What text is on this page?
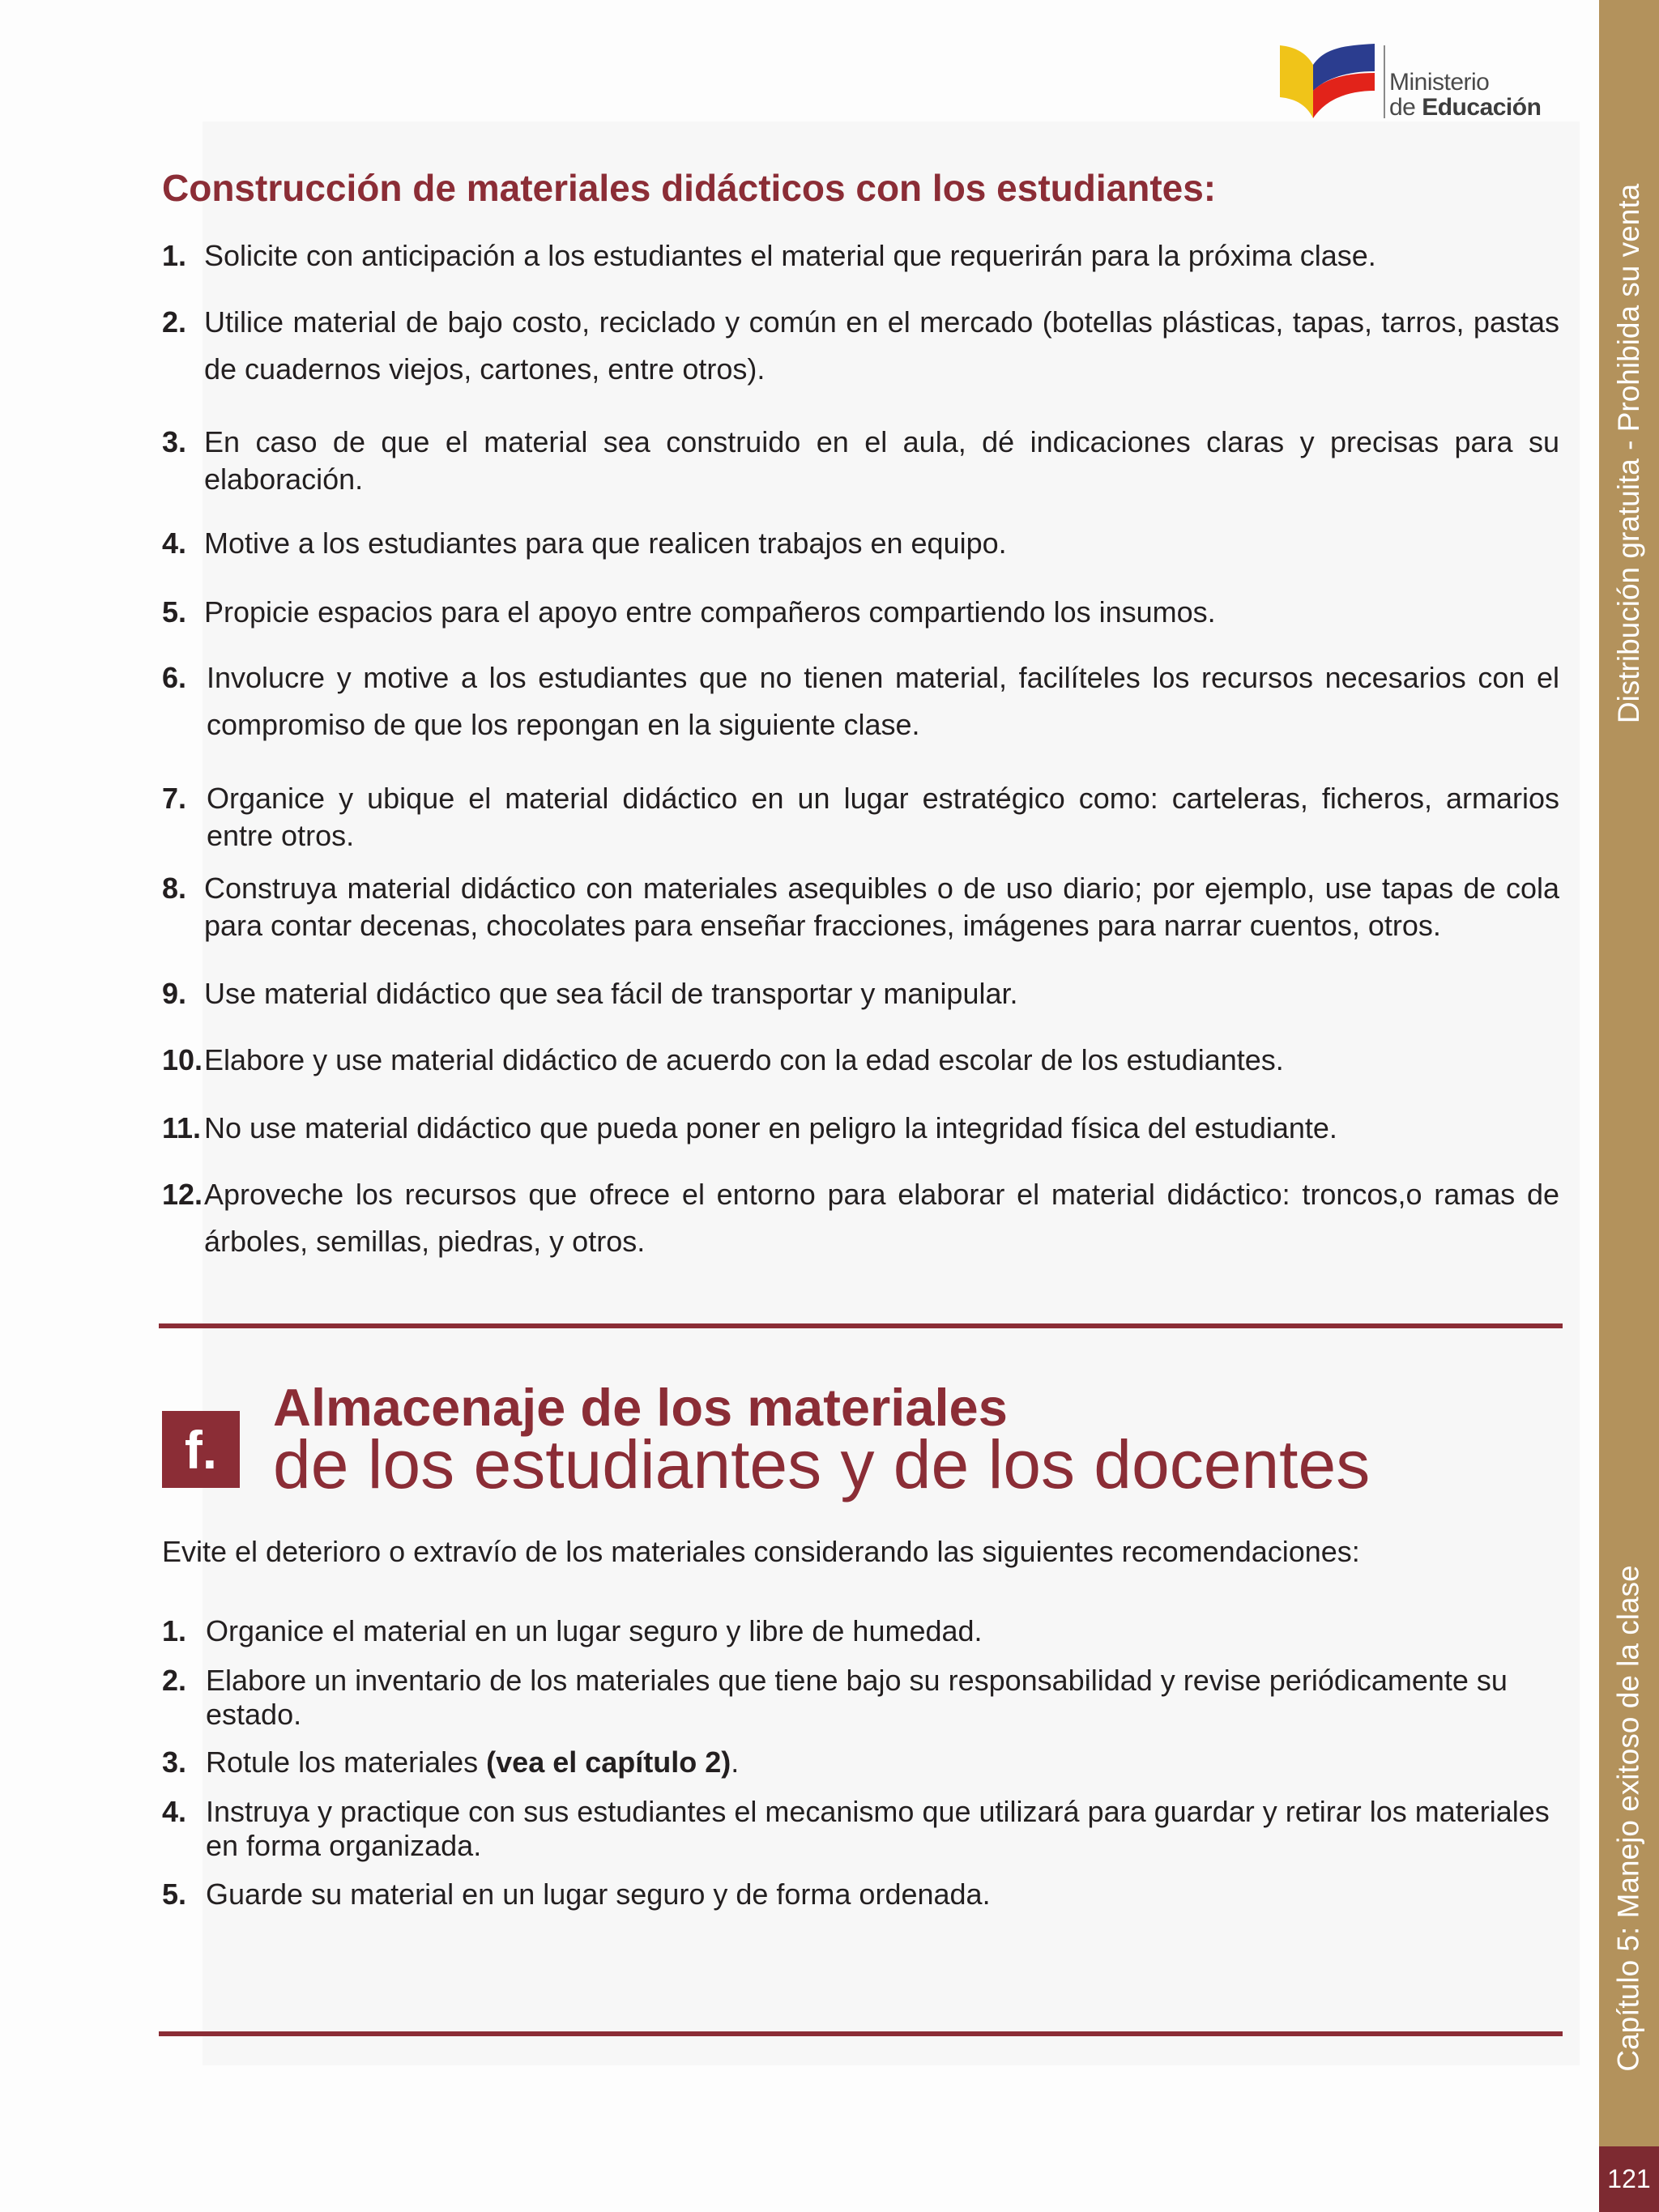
Ministerio
de Educación
Distribución gratuita - Prohibida su venta
Capítulo 5: Manejo exitoso de la clase
121
Construcción de materiales didácticos con los estudiantes:
1. Solicite con anticipación a los estudiantes el material que requerirán para la próxima clase.
2. Utilice material de bajo costo, reciclado y común en el mercado (botellas plásticas, tapas, tarros, pastas de cuadernos viejos, cartones, entre otros).
3. En caso de que el material sea construido en el aula, dé indicaciones claras y precisas para su elaboración.
4. Motive a los estudiantes para que realicen trabajos en equipo.
5. Propicie espacios para el apoyo entre compañeros compartiendo los insumos.
6. Involucre y motive a los estudiantes que no tienen material, facilíteles los recursos necesarios con el compromiso de que los repongan en la siguiente clase.
7. Organice y ubique el material didáctico en un lugar estratégico como: carteleras, ficheros, armarios entre otros.
8. Construya material didáctico con materiales asequibles o de uso diario; por ejemplo, use tapas de cola para contar decenas, chocolates para enseñar fracciones, imágenes para narrar cuentos, otros.
9. Use material didáctico que sea fácil de transportar y manipular.
10. Elabore y use material didáctico de acuerdo con la edad escolar de los estudiantes.
11. No use material didáctico que pueda poner en peligro la integridad física del estudiante.
12. Aproveche los recursos que ofrece el entorno para elaborar el material didáctico: troncos,o ramas de árboles, semillas, piedras, y otros.
f.
Almacenaje de los materiales
de los estudiantes y de los docentes
Evite el deterioro o extravío de los materiales considerando las siguientes recomendaciones:
1. Organice el material en un lugar seguro y libre de humedad.
2. Elabore un inventario de los materiales que tiene bajo su responsabilidad y revise periódicamente su estado.
3. Rotule los materiales (vea el capítulo 2).
4. Instruya y practique con sus estudiantes el mecanismo que utilizará para guardar y retirar los materiales en forma organizada.
5. Guarde su material en un lugar seguro y de forma ordenada.
